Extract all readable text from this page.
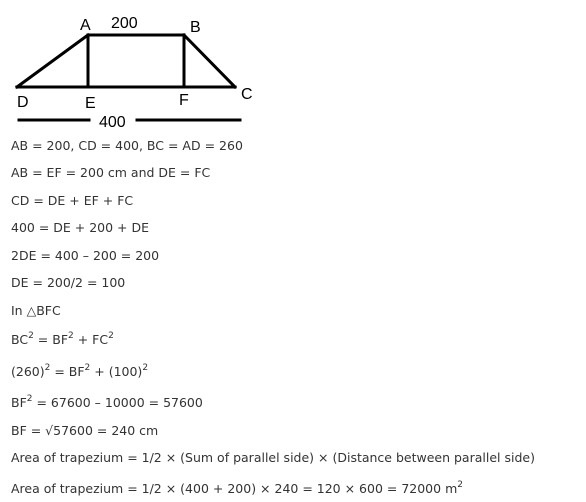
A	B
C
D	E	F
200
400
AB = 200, CD = 400, BC = AD = 260
AB = EF = 200 cm and DE = FC
CD = DE + EF + FC
400 = DE + 200 + DE
2DE = 400 – 200 = 200
DE = 200/2 = 100
In △BFC
$BC^2 = BF^2 + FC^2$
$(260)^2 = BF^2 + (100)^2$
$BF^2 = 67600 - 10000 = 57600$
BF = √57600 = 240 cm
Area of trapezium = 1/2 × (Sum of parallel side) × (Distance between parallel side)
Area of trapezium = 1/2 × (400 + 200) × 240 = 120 × 600 = 72000 $m^2$
